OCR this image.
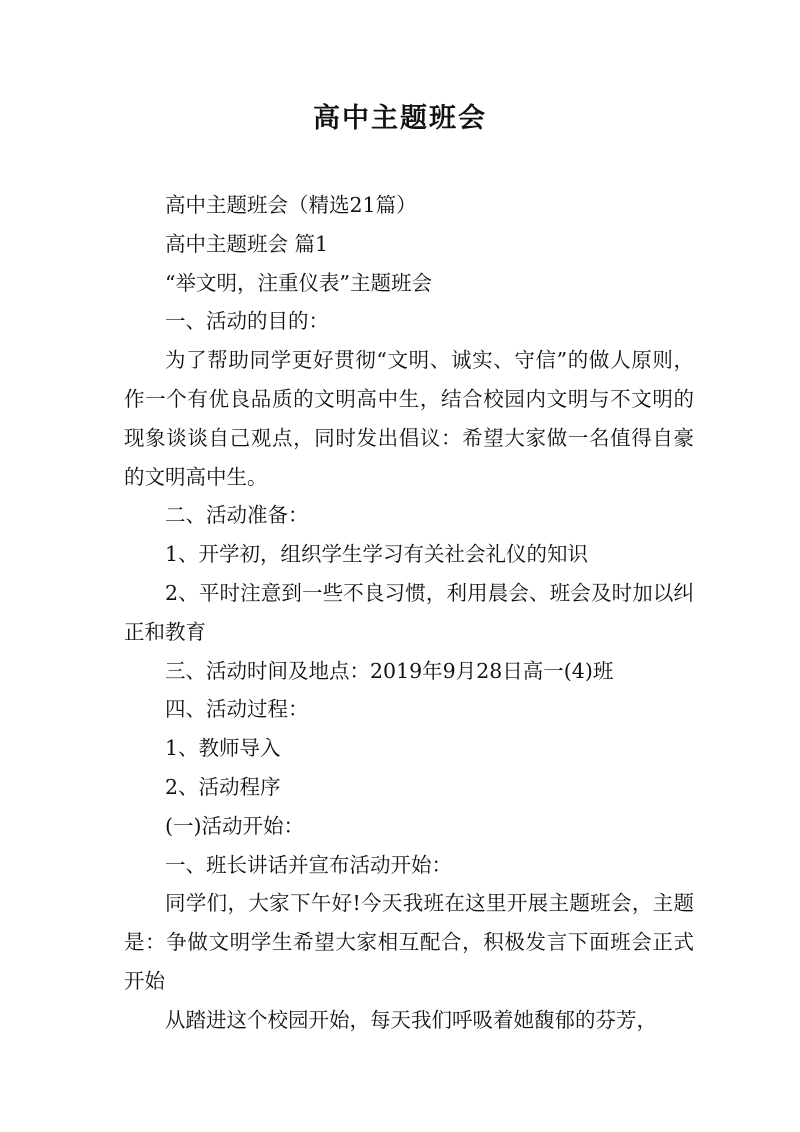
高中主题班会

高中主题班会（精选21篇）

高中主题班会 篇1

“举文明，注重仪表”主题班会

一、活动的目的：

为了帮助同学更好贯彻“文明、诚实、守信”的做人原则，作一个有优良品质的文明高中生，结合校园内文明与不文明的现象谈谈自己观点，同时发出倡议：希望大家做一名值得自豪的文明高中生。

二、活动准备：

1、开学初，组织学生学习有关社会礼仪的知识

2、平时注意到一些不良习惯，利用晨会、班会及时加以纠正和教育

三、活动时间及地点：2019年9月28日高一(4)班

四、活动过程：

1、教师导入

2、活动程序

(一)活动开始：

一、班长讲话并宣布活动开始：

同学们，大家下午好!今天我班在这里开展主题班会，主题是：争做文明学生希望大家相互配合，积极发言下面班会正式开始

从踏进这个校园开始，每天我们呼吸着她馥郁的芬芳，
